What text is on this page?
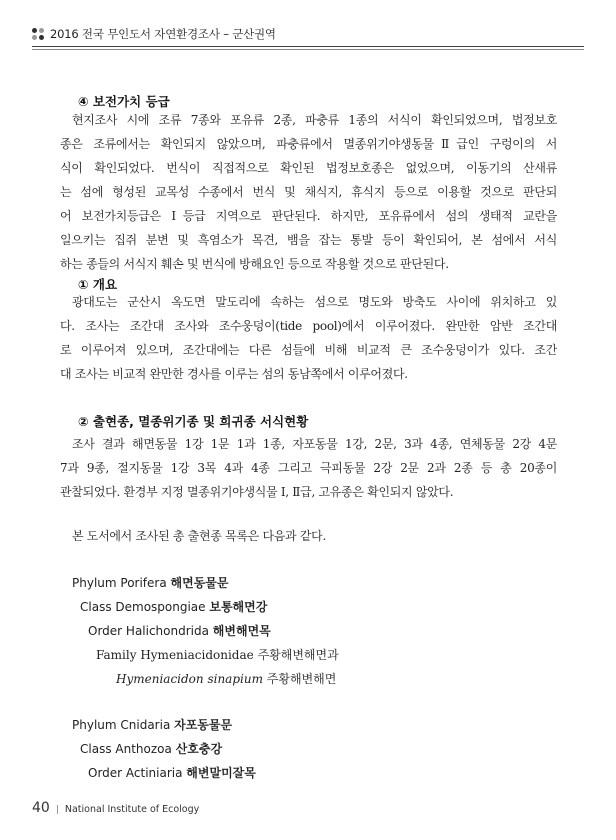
2016 전국 무인도서 자연환경조사 – 군산권역
④ 보전가치 등급
현지조사 시에 조류 7종와 포유류 2종, 파충류 1종의 서식이 확인되었으며, 법정보호
종은 조류에서는 확인되지 않았으며, 파충류에서 멸종위기야생동물Ⅱ급인 구렁이의 서
식이 확인되었다. 번식이 직접적으로 확인된 법정보호종은 없었으며, 이동기의 산새류
는 섬에 형성된 교목성 수종에서 번식 및 채식지, 휴식지 등으로 이용할 것으로 판단되
어 보전가치등급은 Ⅰ등급 지역으로 판단된다. 하지만, 포유류에서 섬의 생태적 교란을
일으키는 집쥐 분변 및 흑염소가 목견, 뱀을 잡는 통발 등이 확인되어, 본 섬에서 서식
하는 종들의 서식지 훼손 및 번식에 방해요인 등으로 작용할 것으로 판단된다.
① 개요
광대도는 군산시 옥도면 말도리에 속하는 섬으로 명도와 방축도 사이에 위치하고 있
다. 조사는 조간대 조사와 조수웅덩이(tide pool)에서 이루어졌다. 완만한 암반 조간대
로 이루어져 있으며, 조간대에는 다른 섬들에 비해 비교적 큰 조수웅덩이가 있다. 조간
대 조사는 비교적 완만한 경사를 이루는 섬의 동남쪽에서 이루어졌다.
② 출현종, 멸종위기종 및 희귀종 서식현황
조사 결과 해면동물 1강 1문 1과 1종, 자포동물 1강, 2문, 3과 4종, 연체동물 2강 4문
7과 9종, 절지동물 1강 3목 4과 4종 그리고 극피동물 2강 2문 2과 2종 등 총 20종이
관찰되었다. 환경부 지정 멸종위기야생식물 Ⅰ, Ⅱ급, 고유종은 확인되지 않았다.
본 도서에서 조사된 총 출현종 목록은 다음과 같다.
Phylum Porifera 해면동물문
Class Demospongiae 보통해면강
Order Halichondrida 해변해면목
Family Hymeniacidonidae 주황해변해면과
Hymeniacidon sinapium 주황해변해면
Phylum Cnidaria 자포동물문
Class Anthozoa 산호충강
Order Actiniaria 해변말미잘목
40 | National Institute of Ecology
